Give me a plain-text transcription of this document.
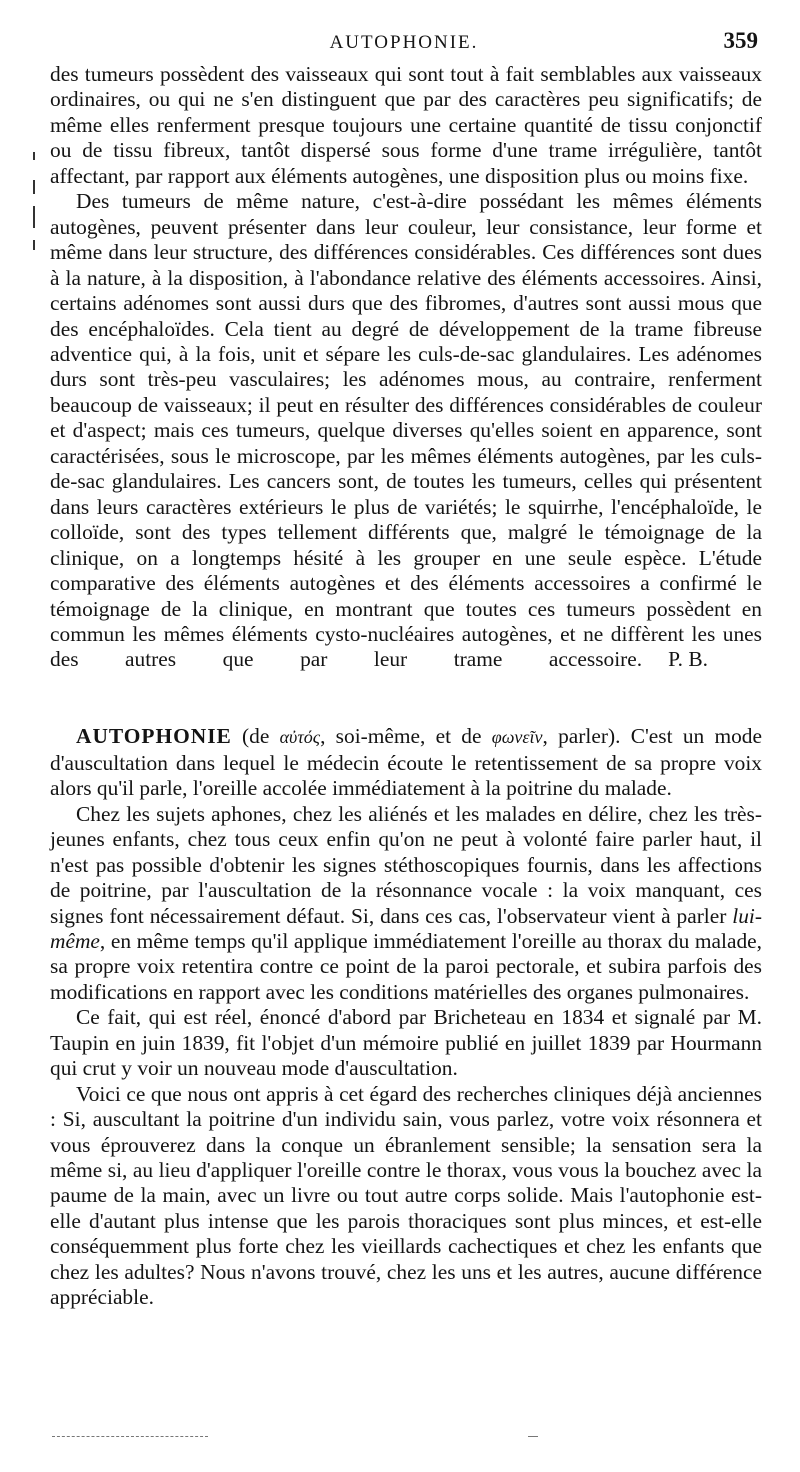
AUTOPHONIE.	359

des tumeurs possèdent des vaisseaux qui sont tout à fait semblables aux vaisseaux ordinaires, ou qui ne s'en distinguent que par des caractères peu significatifs; de même elles renferment presque toujours une certaine quantité de tissu conjonctif ou de tissu fibreux, tantôt dispersé sous forme d'une trame irrégulière, tantôt affectant, par rapport aux éléments autogènes, une disposition plus ou moins fixe.

Des tumeurs de même nature, c'est-à-dire possédant les mêmes éléments autogènes, peuvent présenter dans leur couleur, leur consistance, leur forme et même dans leur structure, des différences considérables. Ces différences sont dues à la nature, à la disposition, à l'abondance relative des éléments accessoires. Ainsi, certains adénomes sont aussi durs que des fibromes, d'autres sont aussi mous que des encéphaloïdes. Cela tient au degré de développement de la trame fibreuse adventice qui, à la fois, unit et sépare les culs-de-sac glandulaires. Les adénomes durs sont très-peu vasculaires; les adénomes mous, au contraire, renferment beaucoup de vaisseaux; il peut en résulter des différences considérables de couleur et d'aspect; mais ces tumeurs, quelque diverses qu'elles soient en apparence, sont caractérisées, sous le microscope, par les mêmes éléments autogènes, par les culs-de-sac glandulaires. Les cancers sont, de toutes les tumeurs, celles qui présentent dans leurs caractères extérieurs le plus de variétés; le squirrhe, l'encéphaloïde, le colloïde, sont des types tellement différents que, malgré le témoignage de la clinique, on a longtemps hésité à les grouper en une seule espèce. L'étude comparative des éléments autogènes et des éléments accessoires a confirmé le témoignage de la clinique, en montrant que toutes ces tumeurs possèdent en commun les mêmes éléments cysto-nucléaires autogènes, et ne diffèrent les unes des autres que par leur trame accessoire.	P. B.

AUTOPHONIE (de αὐτός, soi-même, et de φωνεῖν, parler). C'est un mode d'auscultation dans lequel le médecin écoute le retentissement de sa propre voix alors qu'il parle, l'oreille accolée immédiatement à la poitrine du malade.

Chez les sujets aphones, chez les aliénés et les malades en délire, chez les très-jeunes enfants, chez tous ceux enfin qu'on ne peut à volonté faire parler haut, il n'est pas possible d'obtenir les signes stéthoscopiques fournis, dans les affections de poitrine, par l'auscultation de la résonnance vocale : la voix manquant, ces signes font nécessairement défaut. Si, dans ces cas, l'observateur vient à parler lui-même, en même temps qu'il applique immédiatement l'oreille au thorax du malade, sa propre voix retentira contre ce point de la paroi pectorale, et subira parfois des modifications en rapport avec les conditions matérielles des organes pulmonaires.

Ce fait, qui est réel, énoncé d'abord par Bricheteau en 1834 et signalé par M. Taupin en juin 1839, fit l'objet d'un mémoire publié en juillet 1839 par Hourmann qui crut y voir un nouveau mode d'auscultation.

Voici ce que nous ont appris à cet égard des recherches cliniques déjà anciennes : Si, auscultant la poitrine d'un individu sain, vous parlez, votre voix résonnera et vous éprouverez dans la conque un ébranlement sensible; la sensation sera la même si, au lieu d'appliquer l'oreille contre le thorax, vous vous la bouchez avec la paume de la main, avec un livre ou tout autre corps solide. Mais l'autophonie est-elle d'autant plus intense que les parois thoraciques sont plus minces, et est-elle conséquemment plus forte chez les vieillards cachectiques et chez les enfants que chez les adultes? Nous n'avons trouvé, chez les uns et les autres, aucune différence appréciable.
